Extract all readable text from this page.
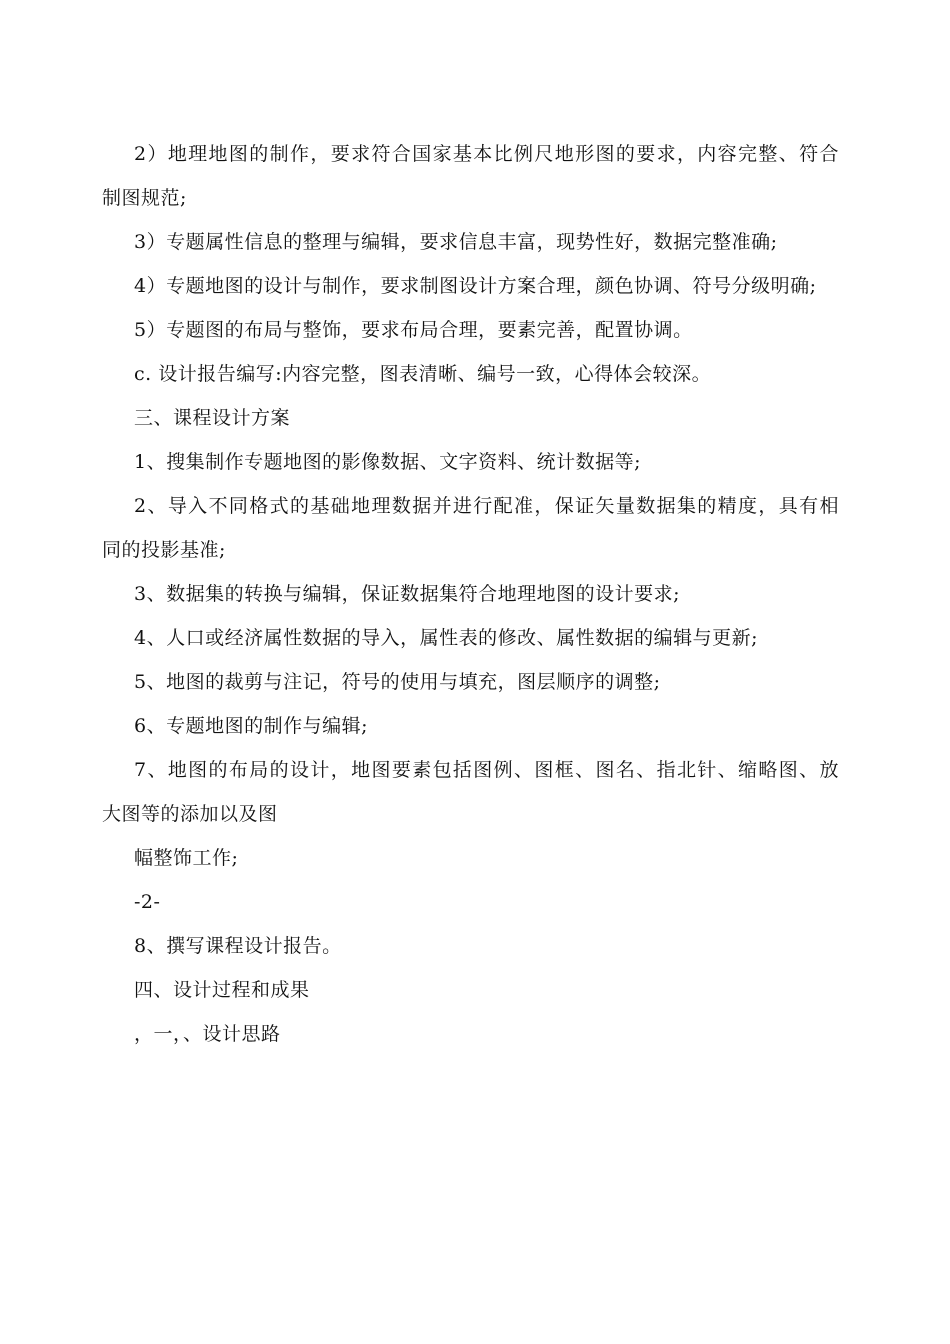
2）地理地图的制作，要求符合国家基本比例尺地形图的要求，内容完整、符合
制图规范;
3）专题属性信息的整理与编辑，要求信息丰富，现势性好，数据完整准确;
4）专题地图的设计与制作，要求制图设计方案合理，颜色协调、符号分级明确;
5）专题图的布局与整饰，要求布局合理，要素完善，配置协调。
c. 设计报告编写:内容完整，图表清晰、编号一致，心得体会较深。
三、课程设计方案
1、搜集制作专题地图的影像数据、文字资料、统计数据等;
2、导入不同格式的基础地理数据并进行配准，保证矢量数据集的精度，具有相
同的投影基准;
3、数据集的转换与编辑，保证数据集符合地理地图的设计要求;
4、人口或经济属性数据的导入，属性表的修改、属性数据的编辑与更新;
5、地图的裁剪与注记，符号的使用与填充，图层顺序的调整;
6、专题地图的制作与编辑;
7、地图的布局的设计，地图要素包括图例、图框、图名、指北针、缩略图、放
大图等的添加以及图
幅整饰工作;
-2-
8、撰写课程设计报告。
四、设计过程和成果
，一，、设计思路
